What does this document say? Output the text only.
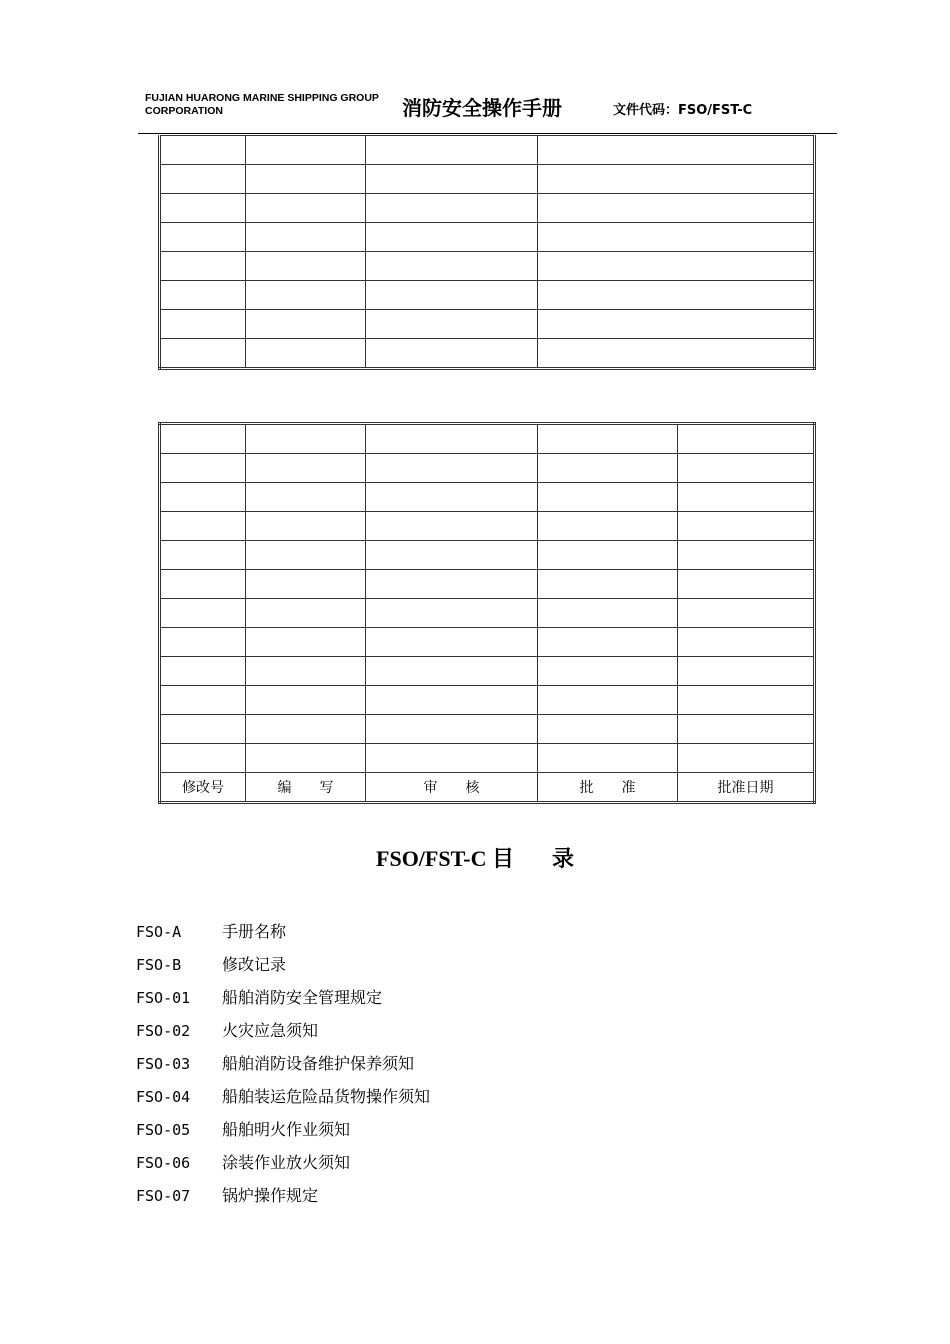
FUJIAN HUARONG MARINE SHIPPING GROUP
CORPORATION	消防安全操作手册	文件代码：FSO/FST-C

修改号	编　　写	审　　核	批　　准	批准日期
FSO/FST-C 目 录
FSO-A	手册名称
FSO-B	修改记录
FSO-01 船舶消防安全管理规定
FSO-02 火灾应急须知
FSO-03 船舶消防设备维护保养须知
FSO-04 船舶装运危险品货物操作须知
FSO-05 船舶明火作业须知
FSO-06 涂装作业放火须知
FSO-07 锅炉操作规定
